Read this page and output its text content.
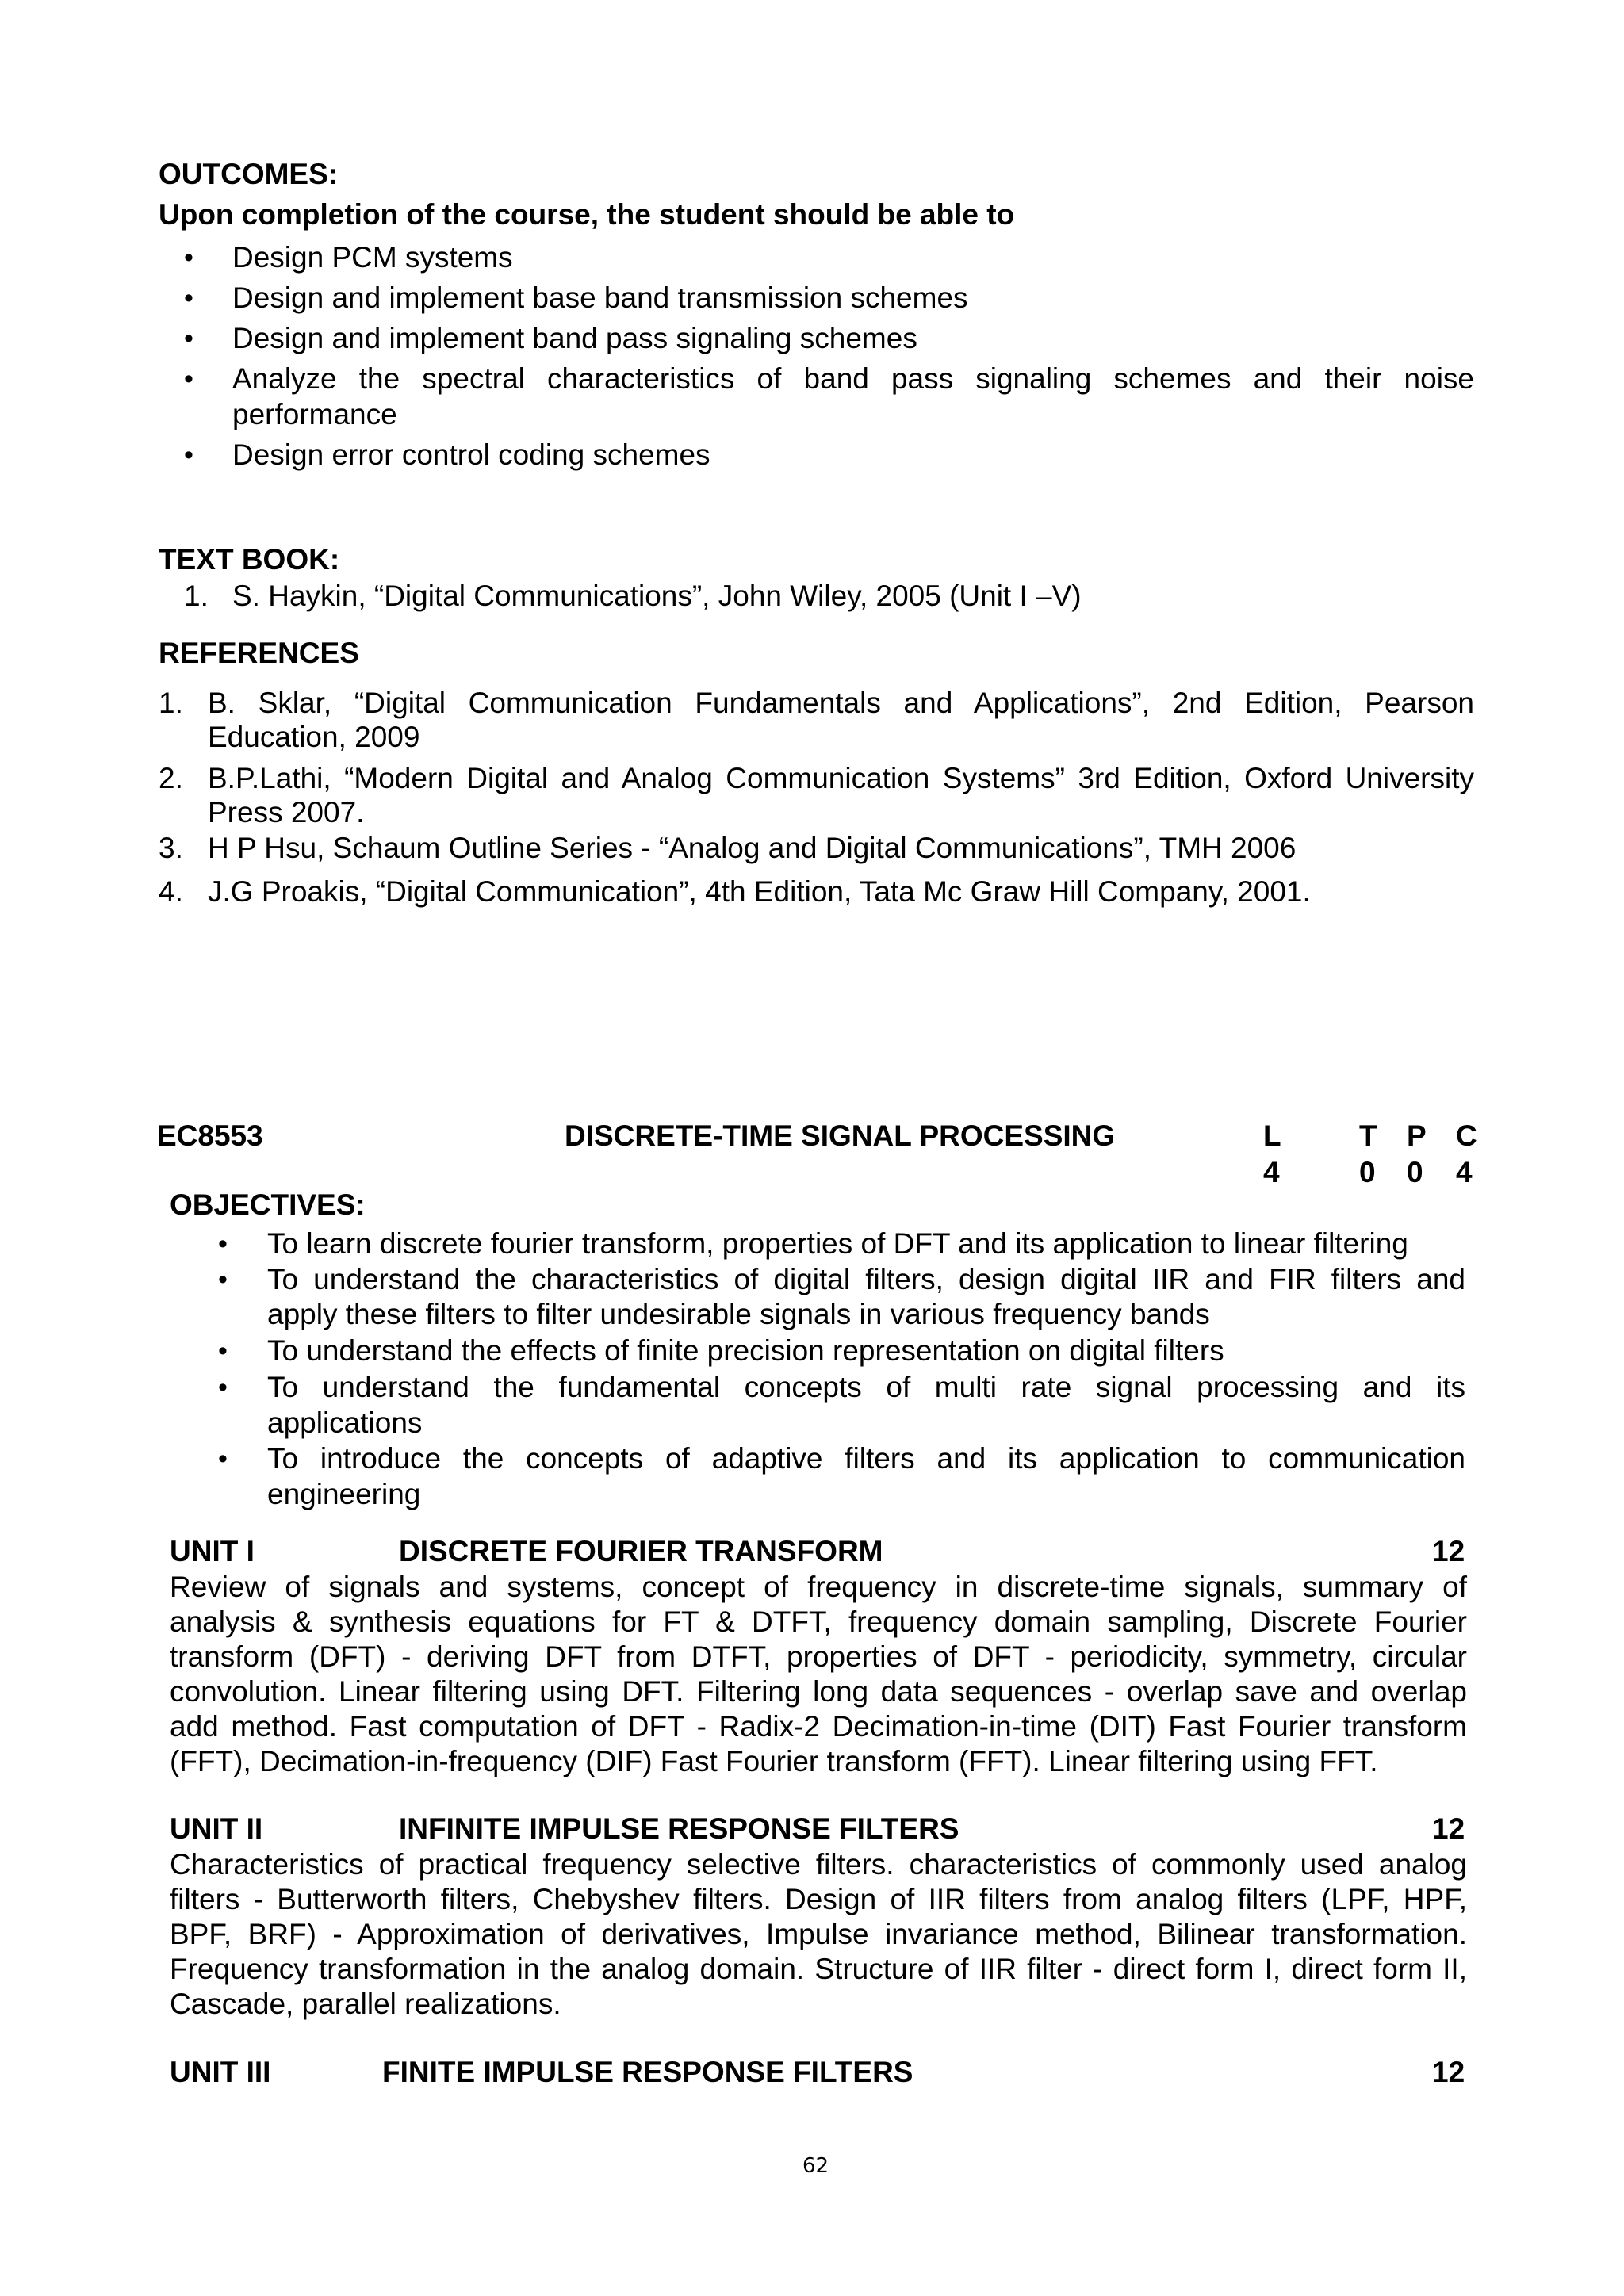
OUTCOMES:
Upon completion of the course, the student should be able to
• Design PCM systems
• Design and implement base band transmission schemes
• Design and implement band pass signaling schemes
• Analyze the spectral characteristics of band pass signaling schemes and their noise
performance
• Design error control coding schemes
TEXT BOOK:
1. S. Haykin, “Digital Communications”, John Wiley, 2005 (Unit I –V)
REFERENCES
1. B. Sklar, “Digital Communication Fundamentals and Applications”, 2nd Edition, Pearson
Education, 2009
2. B.P.Lathi, “Modern Digital and Analog Communication Systems” 3rd Edition, Oxford University
Press 2007.
3. H P Hsu, Schaum Outline Series - “Analog and Digital Communications”, TMH 2006
4. J.G Proakis, “Digital Communication”, 4th Edition, Tata Mc Graw Hill Company, 2001.
EC8553	DISCRETE-TIME SIGNAL PROCESSING	L	T P C
4	0 0 4
OBJECTIVES:
• To learn discrete fourier transform, properties of DFT and its application to linear filtering
• To understand the characteristics of digital filters, design digital IIR and FIR filters and
apply these filters to filter undesirable signals in various frequency bands
• To understand the effects of finite precision representation on digital filters
• To understand the fundamental concepts of multi rate signal processing and its
applications
• To introduce the concepts of adaptive filters and its application to communication
engineering
UNIT I	DISCRETE FOURIER TRANSFORM	12
Review of signals and systems, concept of frequency in discrete-time signals, summary of
analysis & synthesis equations for FT & DTFT, frequency domain sampling, Discrete Fourier
transform (DFT) - deriving DFT from DTFT, properties of DFT - periodicity, symmetry, circular
convolution. Linear filtering using DFT. Filtering long data sequences - overlap save and overlap
add method. Fast computation of DFT - Radix-2 Decimation-in-time (DIT) Fast Fourier transform
(FFT), Decimation-in-frequency (DIF) Fast Fourier transform (FFT). Linear filtering using FFT.
UNIT II	INFINITE IMPULSE RESPONSE FILTERS	12
Characteristics of practical frequency selective filters. characteristics of commonly used analog
filters - Butterworth filters, Chebyshev filters. Design of IIR filters from analog filters (LPF, HPF,
BPF, BRF) - Approximation of derivatives, Impulse invariance method, Bilinear transformation.
Frequency transformation in the analog domain. Structure of IIR filter - direct form I, direct form II,
Cascade, parallel realizations.
UNIT III	FINITE IMPULSE RESPONSE FILTERS	12
62
